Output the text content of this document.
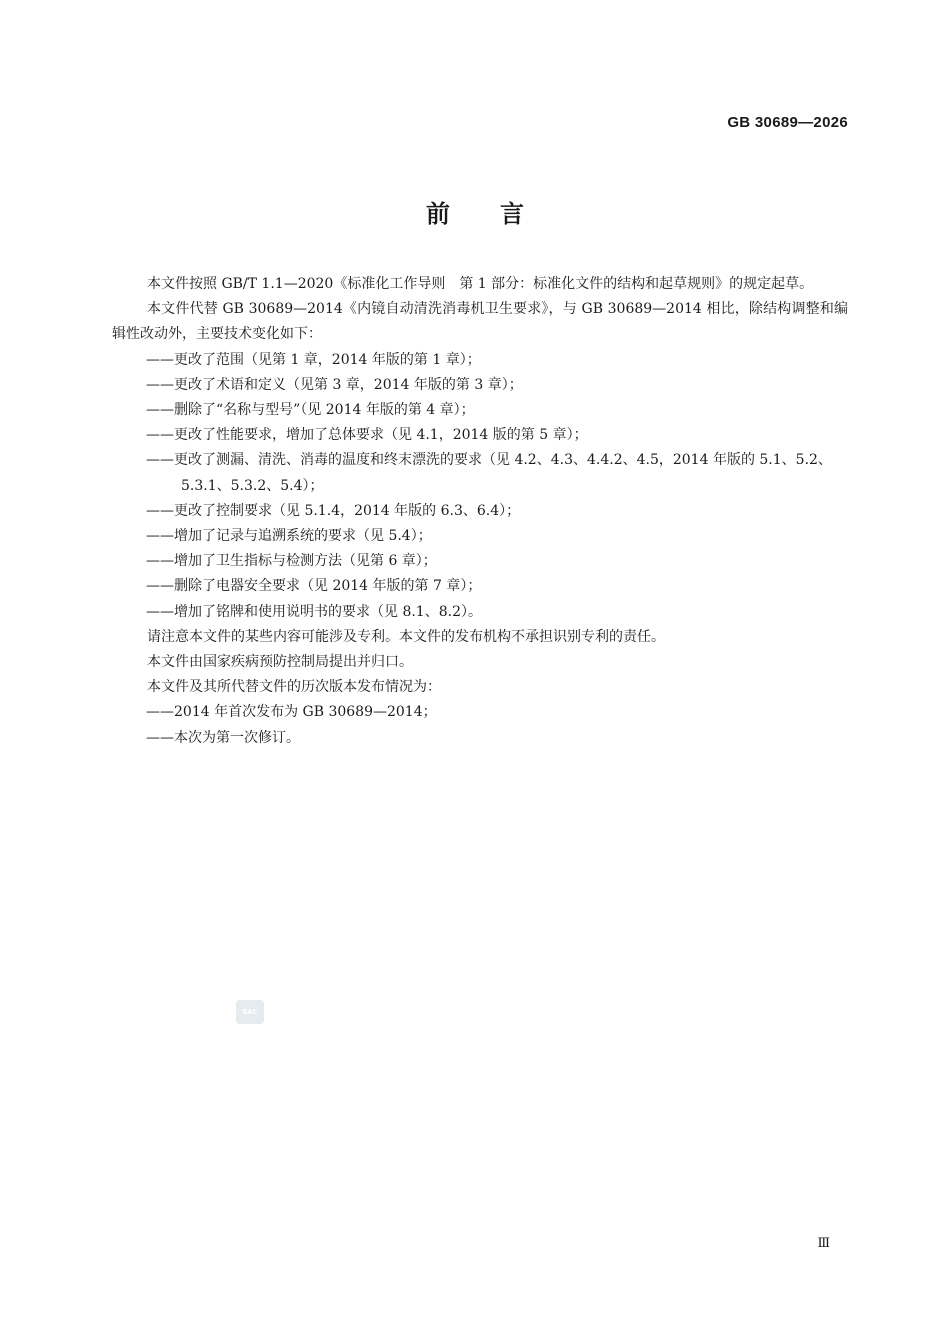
GB 30689—2026
前言

本文件按照 GB/T 1.1—2020《标准化工作导则　第 1 部分：标准化文件的结构和起草规则》的规定起草。

本文件代替 GB 30689—2014《内镜自动清洗消毒机卫生要求》，与 GB 30689—2014 相比，除结构调整和编辑性改动外，主要技术变化如下：

——更改了范围（见第 1 章，2014 年版的第 1 章）；

——更改了术语和定义（见第 3 章，2014 年版的第 3 章）；

——删除了“名称与型号”（见 2014 年版的第 4 章）；

——更改了性能要求，增加了总体要求（见 4.1，2014 版的第 5 章）；

——更改了测漏、清洗、消毒的温度和终末漂洗的要求（见 4.2、4.3、4.4.2、4.5，2014 年版的 5.1、5.2、

5.3.1、5.3.2、5.4）；

——更改了控制要求（见 5.1.4，2014 年版的 6.3、6.4）；

——增加了记录与追溯系统的要求（见 5.4）；

——增加了卫生指标与检测方法（见第 6 章）；

——删除了电器安全要求（见 2014 年版的第 7 章）；

——增加了铭牌和使用说明书的要求（见 8.1、8.2）。

请注意本文件的某些内容可能涉及专利。本文件的发布机构不承担识别专利的责任。

本文件由国家疾病预防控制局提出并归口。

本文件及其所代替文件的历次版本发布情况为：

——2014 年首次发布为 GB 30689—2014；

——本次为第一次修订。

SAC
Ⅲ
